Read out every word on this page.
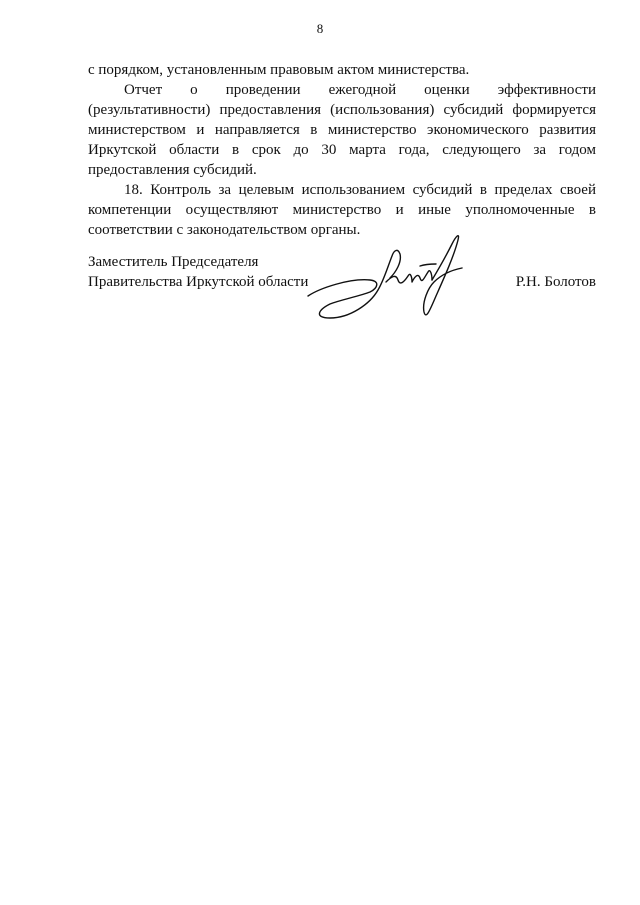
8

с порядком, установленным правовым актом министерства.

Отчет о проведении ежегодной оценки эффективности (результативности) предоставления (использования) субсидий формируется министерством и направляется в министерство экономического развития Иркутской области в срок до 30 марта года, следующего за годом предоставления субсидий.

18. Контроль за целевым использованием субсидий в пределах своей компетенции осуществляют министерство и иные уполномоченные в соответствии с законодательством органы.

Заместитель Председателя
Правительства Иркутской области	Р.Н. Болотов
